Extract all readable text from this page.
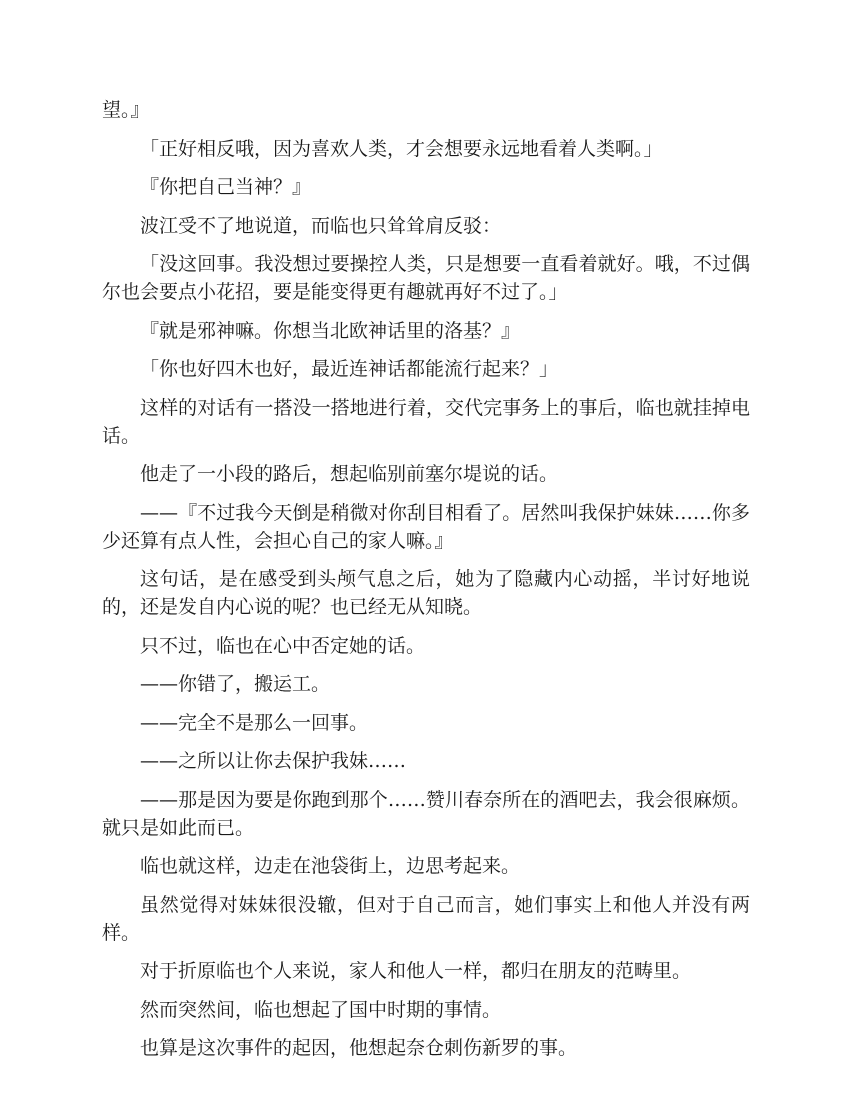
望。』

「正好相反哦，因为喜欢人类，才会想要永远地看着人类啊。」

『你把自己当神？』

波江受不了地说道，而临也只耸耸肩反驳：

「没这回事。我没想过要操控人类，只是想要一直看着就好。哦，不过偶尔也会要点小花招，要是能变得更有趣就再好不过了。」

『就是邪神嘛。你想当北欧神话里的洛基？』

「你也好四木也好，最近连神话都能流行起来？」

这样的对话有一搭没一搭地进行着，交代完事务上的事后，临也就挂掉电话。

他走了一小段的路后，想起临别前塞尔堤说的话。

——『不过我今天倒是稍微对你刮目相看了。居然叫我保护妹妹……你多少还算有点人性，会担心自己的家人嘛。』

这句话，是在感受到头颅气息之后，她为了隐藏内心动摇，半讨好地说的，还是发自内心说的呢？也已经无从知晓。

只不过，临也在心中否定她的话。

——你错了，搬运工。

——完全不是那么一回事。

——之所以让你去保护我妹……

——那是因为要是你跑到那个……赞川春奈所在的酒吧去，我会很麻烦。就只是如此而已。

临也就这样，边走在池袋街上，边思考起来。

虽然觉得对妹妹很没辙，但对于自己而言，她们事实上和他人并没有两样。

对于折原临也个人来说，家人和他人一样，都归在朋友的范畴里。

然而突然间，临也想起了国中时期的事情。

也算是这次事件的起因，他想起奈仓刺伤新罗的事。
